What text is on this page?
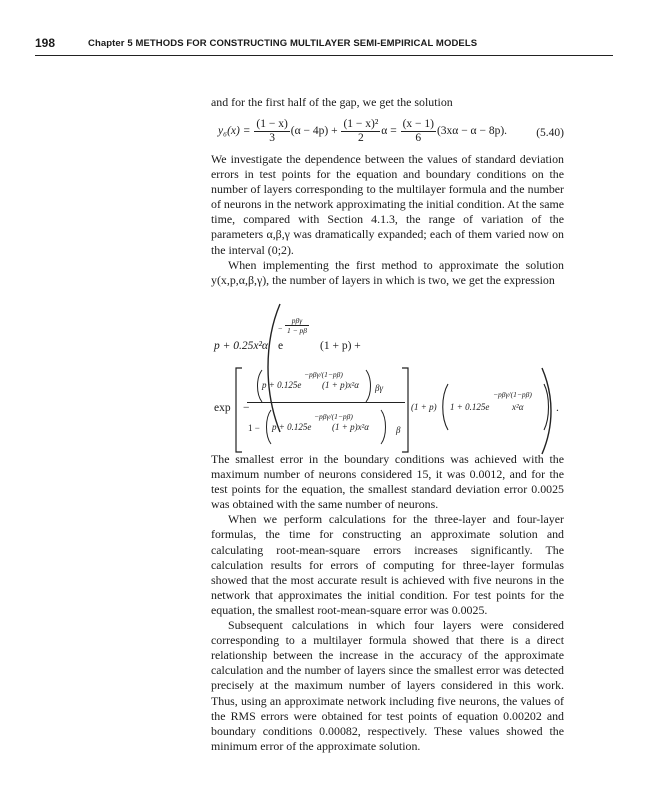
198	Chapter 5 METHODS FOR CONSTRUCTING MULTILAYER SEMI-EMPIRICAL MODELS

and for the first half of the gap, we get the solution

$y_6(x) = \frac{(1 - x)}{3} (\alpha - 4p) + \frac{\text{(1 − x)²}}{2}$ $\alpha = \frac{(x - 1)}{6} (3x\alpha - \alpha - 8p)$.	(5.40)

We investigate the dependence between the values of standard deviation errors in test points for the equation and boundary conditions on the number of layers corresponding to the multilayer formula and the number of neurons in the network approximating the initial condition. At the same time, compared with Section 4.1.3, the range of variation of the parameters α,β,γ was dramatically expanded; each of them varied now on the interval (0;2).

When implementing the first method to approximate the solution y(x,p,α,β,γ), the number of layers in which is two, we get the expression

p + 0.25x²α e
− $\frac{\text{pβγ}}{1 - p\beta}$
(1 + p) +
exp −
p + 0.125e
−pβγ/(1−pβ)
(1 + p)x²α βγ
1 − p + 0.125e
−pβγ/(1−pβ)
(1 + p)x²α	β
(1 + p) 1 + 0.125e
−pβγ/(1−pβ)
x²α	.

The smallest error in the boundary conditions was achieved with the maximum number of neurons considered 15, it was 0.0012, and for the test points for the equation, the smallest standard deviation error 0.0025 was obtained with the same number of neurons.

When we perform calculations for the three-layer and four-layer formulas, the time for constructing an approximate solution and calculating root-mean-square errors increases significantly. The calculation results for errors of computing for three-layer formulas showed that the most accurate result is achieved with five neurons in the network that approximates the initial condition. For test points for the equation, the smallest root-mean-square error was 0.0025.

Subsequent calculations in which four layers were considered corresponding to a multilayer formula showed that there is a direct relationship between the increase in the accuracy of the approximate calculation and the number of layers since the smallest error was detected precisely at the maximum number of layers considered in this work. Thus, using an approximate network including five neurons, the values of the RMS errors were obtained for test points of equation 0.00202 and boundary conditions 0.00082, respectively. These values showed the minimum error of the approximate solution.
